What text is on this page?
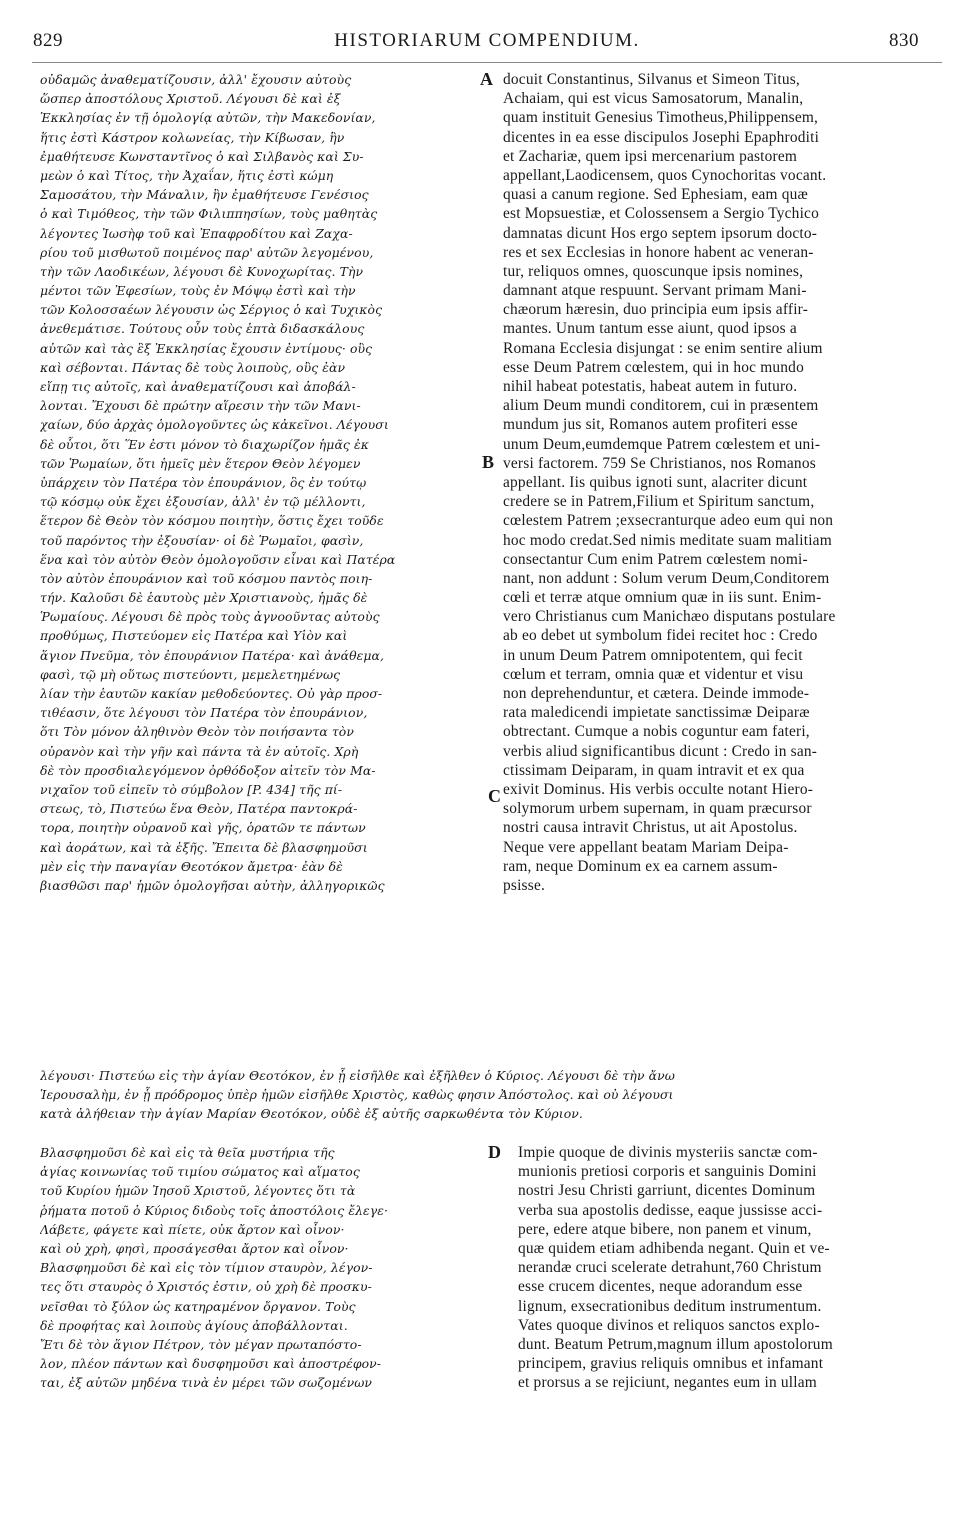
829	HISTORIARUM COMPENDIUM.	830
οὐδαμῶς ἀναθεματίζουσιν, ἀλλ' ἔχουσιν αὐτοὺς
ὥσπερ ἀποστόλους Χριστοῦ. Λέγουσι δὲ καὶ ἐξ
Ἐκκλησίας ἐν τῇ ὁμολογίᾳ αὐτῶν, τὴν Μακεδονίαν,
ἥτις ἐστὶ Κάστρον κολωνείας, τὴν Κίβωσαν, ἣν
ἐμαθήτευσε Κωνσταντῖνος ὁ καὶ Σιλβανὸς καὶ Συ-
μεὼν ὁ καὶ Τίτος, τὴν Ἀχαΐαν, ἥτις ἐστὶ κώμη
Σαμοσάτου, τὴν Μάναλιν, ἣν ἐμαθήτευσε Γενέσιος
ὁ καὶ Τιμόθεος, τὴν τῶν Φιλιππησίων, τοὺς μαθητὰς
λέγοντες Ἰωσὴφ τοῦ καὶ Ἐπαφροδίτου καὶ Ζαχα-
ρίου τοῦ μισθωτοῦ ποιμένος παρ' αὐτῶν λεγομένου,
τὴν τῶν Λαοδικέων, λέγουσι δὲ Κυνοχωρίτας. Τὴν
μέντοι τῶν Ἐφεσίων, τοὺς ἐν Μόψῳ ἐστὶ καὶ τὴν
τῶν Κολοσσαέων λέγουσιν ὡς Σέργιος ὁ καὶ Τυχικὸς
ἀνεθεμάτισε. Τούτους οὖν τοὺς ἑπτὰ διδασκάλους
αὐτῶν καὶ τὰς ἓξ Ἐκκλησίας ἔχουσιν ἐντίμους· οὓς
καὶ σέβονται. Πάντας δὲ τοὺς λοιποὺς, οὓς ἐὰν
εἴπῃ τις αὐτοῖς, καὶ ἀναθεματίζουσι καὶ ἀποβάλ-
λονται. Ἔχουσι δὲ πρώτην αἵρεσιν τὴν τῶν Μανι-
χαίων, δύο ἀρχὰς ὁμολογοῦντες ὡς κἀκεῖνοι. Λέγουσι
δὲ οὗτοι, ὅτι Ἕν ἐστι μόνον τὸ διαχωρίζον ἡμᾶς ἐκ
τῶν Ῥωμαίων, ὅτι ἡμεῖς μὲν ἕτερον Θεὸν λέγομεν
ὑπάρχειν τὸν Πατέρα τὸν ἐπουράνιον, ὃς ἐν τούτῳ
τῷ κόσμῳ οὐκ ἔχει ἐξουσίαν, ἀλλ' ἐν τῷ μέλλοντι,
ἕτερον δὲ Θεὸν τὸν κόσμου ποιητὴν, ὅστις ἔχει τοῦδε
τοῦ παρόντος τὴν ἐξουσίαν· οἱ δὲ Ῥωμαῖοι, φασὶν,
ἕνα καὶ τὸν αὐτὸν Θεὸν ὁμολογοῦσιν εἶναι καὶ Πατέρα
τὸν αὐτὸν ἐπουράνιον καὶ τοῦ κόσμου παντὸς ποιη-
τήν. Καλοῦσι δὲ ἑαυτοὺς μὲν Χριστιανοὺς, ἡμᾶς δὲ
Ῥωμαίους. Λέγουσι δὲ πρὸς τοὺς ἀγνοοῦντας αὐτοὺς
προθύμως, Πιστεύομεν εἰς Πατέρα καὶ Υἱὸν καὶ
ἅγιον Πνεῦμα, τὸν ἐπουράνιον Πατέρα· καὶ ἀνάθεμα,
φασὶ, τῷ μὴ οὕτως πιστεύοντι, μεμελετημένως
λίαν τὴν ἑαυτῶν κακίαν μεθοδεύοντες. Οὐ γὰρ προσ-
τιθέασιν, ὅτε λέγουσι τὸν Πατέρα τὸν ἐπουράνιον,
ὅτι Τὸν μόνον ἀληθινὸν Θεὸν τὸν ποιήσαντα τὸν
οὐρανὸν καὶ τὴν γῆν καὶ πάντα τὰ ἐν αὐτοῖς. Χρὴ
δὲ τὸν προσδιαλεγόμενον ὀρθόδοξον αἰτεῖν τὸν Μα-
νιχαῖον τοῦ εἰπεῖν τὸ σύμβολον [P. 434] τῆς πί-
στεως, τὸ, Πιστεύω ἕνα Θεὸν, Πατέρα παντοκρά-
τορα, ποιητὴν οὐρανοῦ καὶ γῆς, ὁρατῶν τε πάντων
καὶ ἀοράτων, καὶ τὰ ἑξῆς. Ἔπειτα δὲ βλασφημοῦσι
μὲν εἰς τὴν παναγίαν Θεοτόκον ἄμετρα· ἐὰν δὲ
βιασθῶσι παρ' ἡμῶν ὁμολογῆσαι αὐτὴν, ἀλληγορικῶς
docuit Constantinus, Silvanus et Simeon Titus,
Achaiam, qui est vicus Samosatorum, Manalin,
quam instituit Genesius Timotheus,Philippensem,
dicentes in ea esse discipulos Josephi Epaphroditi
et Zachariæ, quem ipsi mercenarium pastorem
appellant,Laodicensem, quos Cynochoritas vocant.
quasi a canum regione. Sed Ephesiam, eam quæ
est Mopsuestiæ, et Colossensem a Sergio Tychico
damnatas dicunt Hos ergo septem ipsorum docto-
res et sex Ecclesias in honore habent ac veneran-
tur, reliquos omnes, quoscunque ipsis nomines,
damnant atque respuunt. Servant primam Mani-
chæorum hæresin, duo principia eum ipsis affir-
mantes. Unum tantum esse aiunt, quod ipsos a
Romana Ecclesia disjungat : se enim sentire alium
esse Deum Patrem cœlestem, qui in hoc mundo
nihil habeat potestatis, habeat autem in futuro.
alium Deum mundi conditorem, cui in præsentem
mundum jus sit, Romanos autem profiteri esse
unum Deum,eumdemque Patrem cœlestem et uni-
versi factorem. 759 Se Christianos, nos Romanos
appellant. Iis quibus ignoti sunt, alacriter dicunt
credere se in Patrem,Filium et Spiritum sanctum,
cœlestem Patrem ;exsecranturque adeo eum qui non
hoc modo credat.Sed nimis meditate suam malitiam
consectantur Cum enim Patrem cœlestem nomi-
nant, non addunt : Solum verum Deum,Conditorem
cœli et terræ atque omnium quæ in iis sunt. Enim-
vero Christianus cum Manichæo disputans postulare
ab eo debet ut symbolum fidei recitet hoc : Credo
in unum Deum Patrem omnipotentem, qui fecit
cœlum et terram, omnia quæ et videntur et visu
non deprehenduntur, et cætera. Deinde immode-
rata maledicendi impietate sanctissimæ Deiparæ
obtrectant. Cumque a nobis coguntur eam fateri,
verbis aliud significantibus dicunt : Credo in san-
ctissimam Deiparam, in quam intravit et ex qua
exivit Dominus. His verbis occulte notant Hiero-
solymorum urbem supernam, in quam præcursor
nostri causa intravit Christus, ut ait Apostolus.
Neque vere appellant beatam Mariam Deipa-
ram, neque Dominum ex ea carnem assum-
psisse.
λέγουσι· Πιστεύω εἰς τὴν ἁγίαν Θεοτόκον, ἐν ᾗ εἰσῆλθε καὶ ἐξῆλθεν ὁ Κύριος. Λέγουσι δὲ τὴν ἄνω
Ἱερουσαλὴμ, ἐν ᾗ πρόδρομος ὑπὲρ ἡμῶν εἰσῆλθε Χριστὸς, καθὼς φησιν Ἀπόστολος. καὶ οὐ λέγουσι
κατὰ ἀλήθειαν τὴν ἁγίαν Μαρίαν Θεοτόκον, οὐδὲ ἐξ αὐτῆς σαρκωθέντα τὸν Κύριον.
Βλασφημοῦσι δὲ καὶ εἰς τὰ θεῖα μυστήρια τῆς
ἁγίας κοινωνίας τοῦ τιμίου σώματος καὶ αἵματος
τοῦ Κυρίου ἡμῶν Ἰησοῦ Χριστοῦ, λέγοντες ὅτι τὰ
ῥήματα ποτοῦ ὁ Κύριος διδοὺς τοῖς ἀποστόλοις ἔλεγε·
Λάβετε, φάγετε καὶ πίετε, οὐκ ἄρτον καὶ οἶνον·
καὶ οὐ χρὴ, φησὶ, προσάγεσθαι ἄρτον καὶ οἶνον·
Βλασφημοῦσι δὲ καὶ εἰς τὸν τίμιον σταυρὸν, λέγον-
τες ὅτι σταυρὸς ὁ Χριστός ἐστιν, οὐ χρὴ δὲ προσκυ-
νεῖσθαι τὸ ξύλον ὡς κατηραμένον ὄργανον. Τοὺς
δὲ προφήτας καὶ λοιποὺς ἁγίους ἀποβάλλονται.
Ἔτι δὲ τὸν ἅγιον Πέτρον, τὸν μέγαν πρωταπόστο-
λον, πλέον πάντων καὶ δυσφημοῦσι καὶ ἀποστρέφον-
ται, ἐξ αὐτῶν μηδένα τινὰ ἐν μέρει τῶν σωζομένων
Impie quoque de divinis mysteriis sanctæ com-
munionis pretiosi corporis et sanguinis Domini
nostri Jesu Christi garriunt, dicentes Dominum
verba sua apostolis dedisse, eaque jussisse acci-
pere, edere atque bibere, non panem et vinum,
quæ quidem etiam adhibenda negant. Quin et ve-
nerandæ cruci scelerate detrahunt,760 Christum
esse crucem dicentes, neque adorandum esse
lignum, exsecrationibus deditum instrumentum.
Vates quoque divinos et reliquos sanctos explo-
dunt. Beatum Petrum,magnum illum apostolorum
principem, gravius reliquis omnibus et infamant
et prorsus a se rejiciunt, negantes eum in ullam
A
B
C
D
